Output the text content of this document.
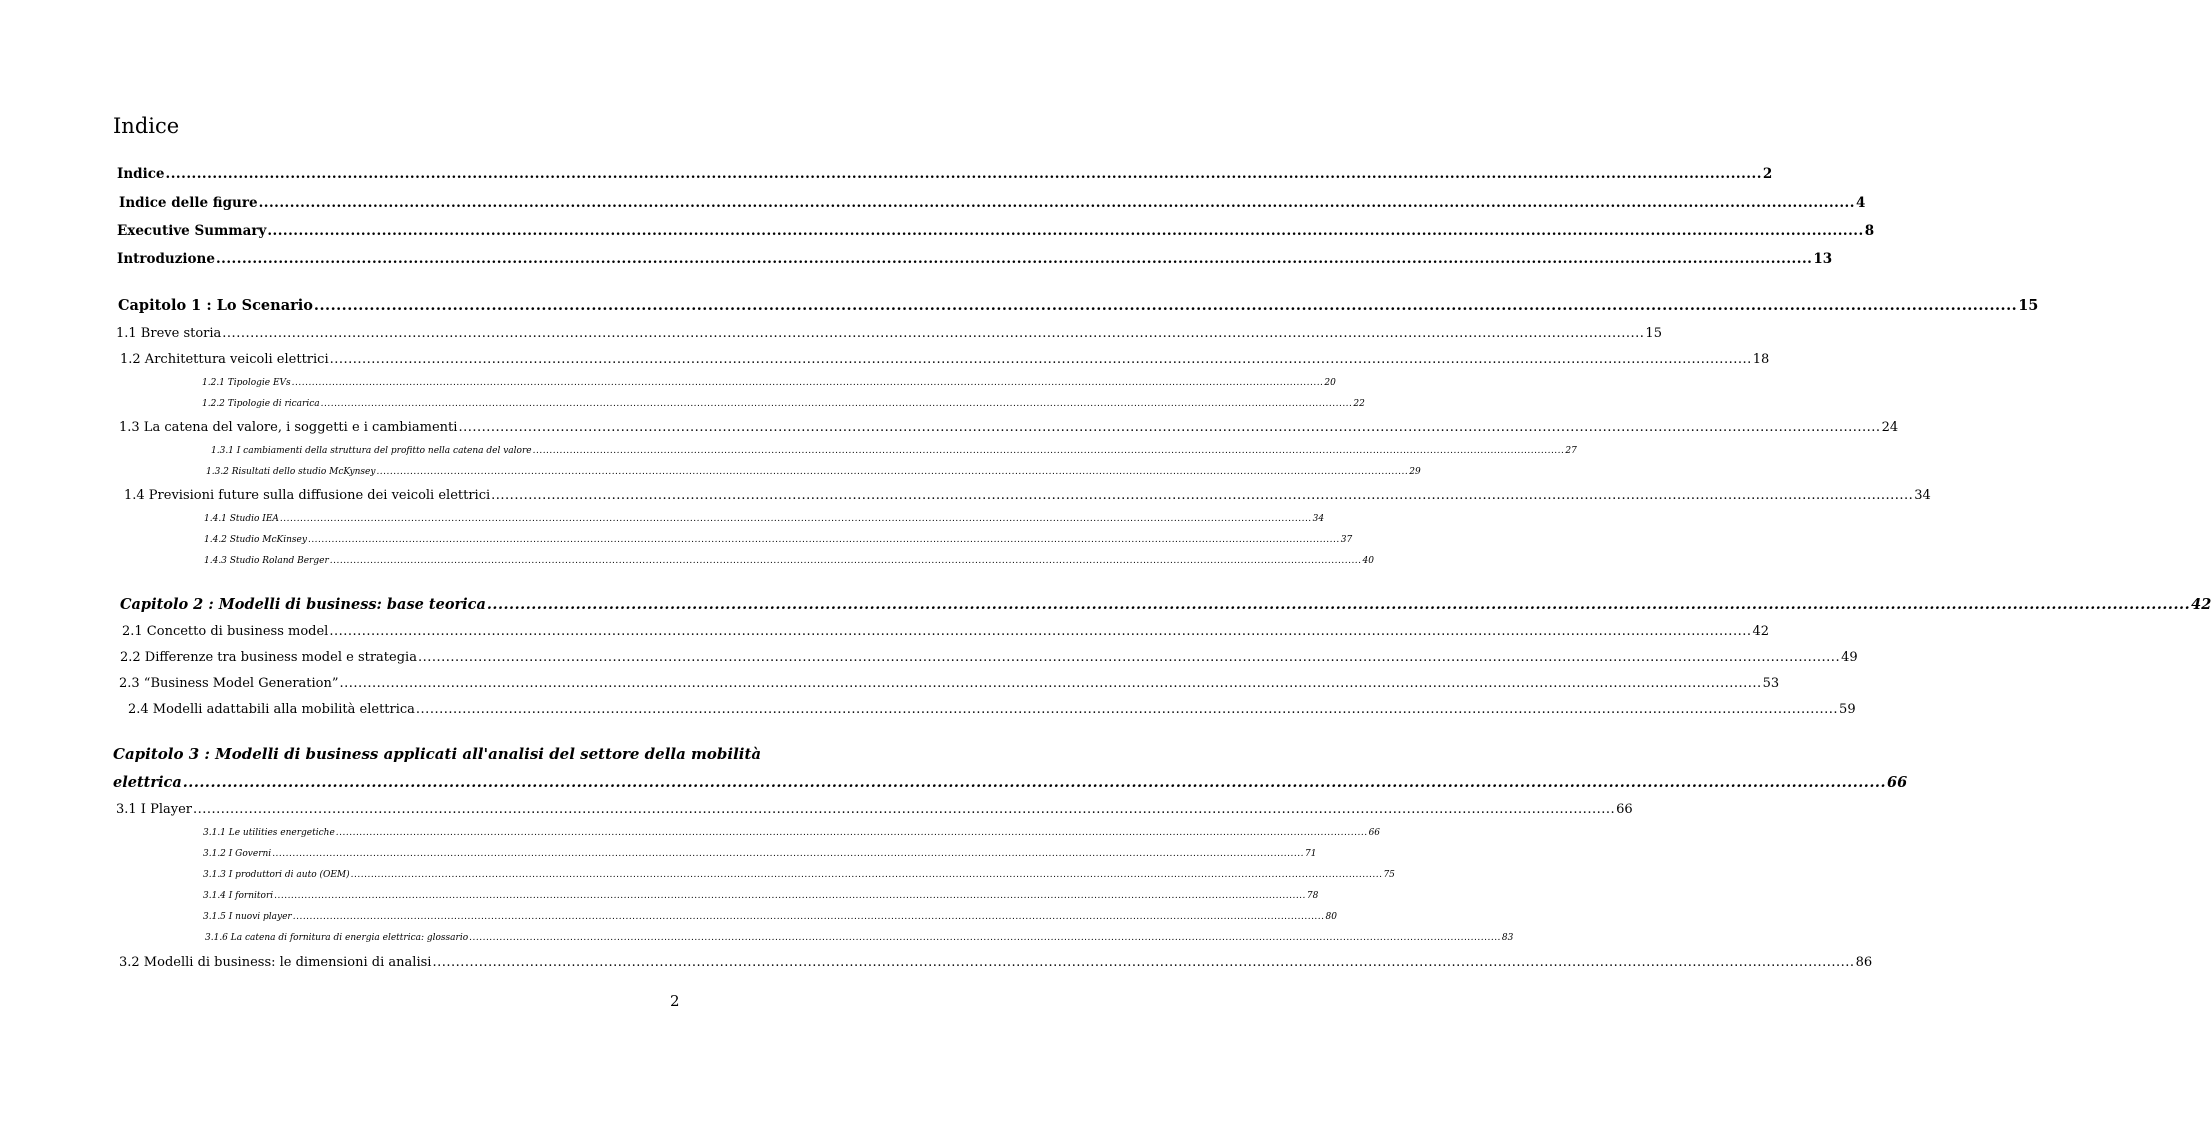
Indice
Indice ................................................................................................................................................................................................................................................................................................................... 2
Indice delle figure ................................................................................................................................................................................................................................................................................................................... 4
Executive Summary ................................................................................................................................................................................................................................................................................................................... 8
Introduzione ................................................................................................................................................................................................................................................................................................................... 13
Capitolo 1 : Lo Scenario ................................................................................................................................................................................................................................................................................................................... 15
1.1 Breve storia ................................................................................................................................................................................................................................................................................................................... 15
1.2 Architettura veicoli elettrici ................................................................................................................................................................................................................................................................................................................... 18
1.2.1 Tipologie EVs ................................................................................................................................................................................................................................................................................................................... 20
1.2.2 Tipologie di ricarica ................................................................................................................................................................................................................................................................................................................... 22
1.3 La catena del valore, i soggetti e i cambiamenti ................................................................................................................................................................................................................................................................................................................... 24
1.3.1 I cambiamenti della struttura del profitto nella catena del valore ................................................................................................................................................................................................................................................................................................................... 27
1.3.2 Risultati dello studio McKynsey ................................................................................................................................................................................................................................................................................................................... 29
1.4 Previsioni future sulla diffusione dei veicoli elettrici ................................................................................................................................................................................................................................................................................................................... 34
1.4.1 Studio IEA ................................................................................................................................................................................................................................................................................................................... 34
1.4.2 Studio McKinsey ................................................................................................................................................................................................................................................................................................................... 37
1.4.3 Studio Roland Berger ................................................................................................................................................................................................................................................................................................................... 40
Capitolo 2 : Modelli di business: base teorica ................................................................................................................................................................................................................................................................................................................... 42
2.1 Concetto di business model ................................................................................................................................................................................................................................................................................................................... 42
2.2 Differenze tra business model e strategia ................................................................................................................................................................................................................................................................................................................... 49
2.3 “Business Model Generation” ................................................................................................................................................................................................................................................................................................................... 53
2.4 Modelli adattabili alla mobilità elettrica ................................................................................................................................................................................................................................................................................................................... 59
Capitolo 3 : Modelli di business applicati all'analisi del settore della mobilità
elettrica ................................................................................................................................................................................................................................................................................................................... 66
3.1 I Player ................................................................................................................................................................................................................................................................................................................... 66
3.1.1 Le utilities energetiche ................................................................................................................................................................................................................................................................................................................... 66
3.1.2 I Governi ................................................................................................................................................................................................................................................................................................................... 71
3.1.3 I produttori di auto (OEM) ................................................................................................................................................................................................................................................................................................................... 75
3.1.4 I fornitori ................................................................................................................................................................................................................................................................................................................... 78
3.1.5 I nuovi player ................................................................................................................................................................................................................................................................................................................... 80
3.1.6 La catena di fornitura di energia elettrica: glossario ................................................................................................................................................................................................................................................................................................................... 83
3.2 Modelli di business: le dimensioni di analisi ................................................................................................................................................................................................................................................................................................................... 86
2
